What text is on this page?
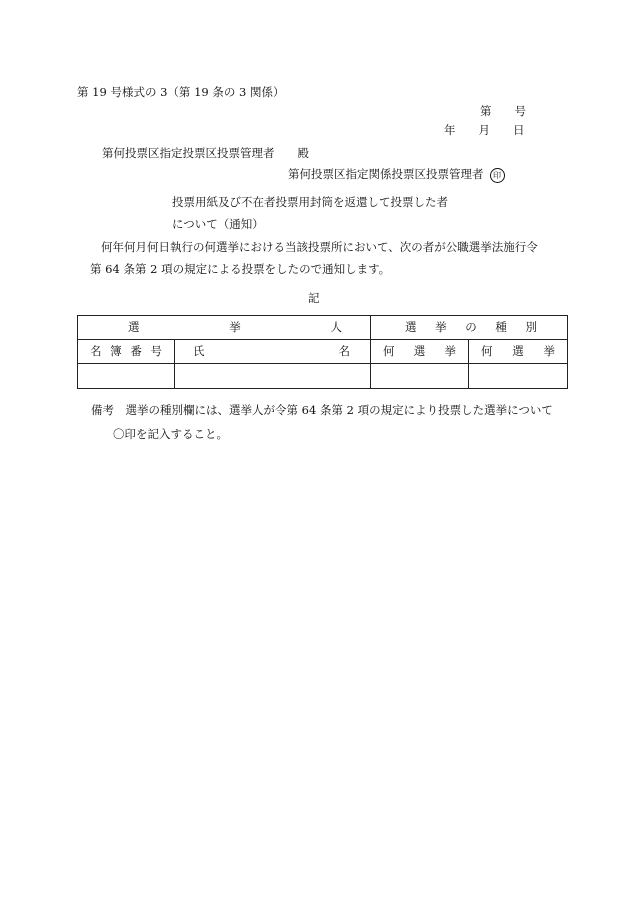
第 19 号様式の 3（第 19 条の 3 関係）
第　　号
年　　月　　日
第何投票区指定投票区投票管理者　　殿
第何投票区指定関係投票区投票管理者 印
投票用紙及び不在者投票用封筒を返還して投票した者
について（通知）
何年何月何日執行の何選挙における当該投票所において、次の者が公職選挙法施行令
第 64 条第 2 項の規定による投票をしたので通知します。
記
選 挙 人		選 挙 の 種 別	

名 簿 番 号	氏 名	何 選 挙	何 選 挙

備考　選挙の種別欄には、選挙人が令第 64 条第 2 項の規定により投票した選挙について
〇印を記入すること。
